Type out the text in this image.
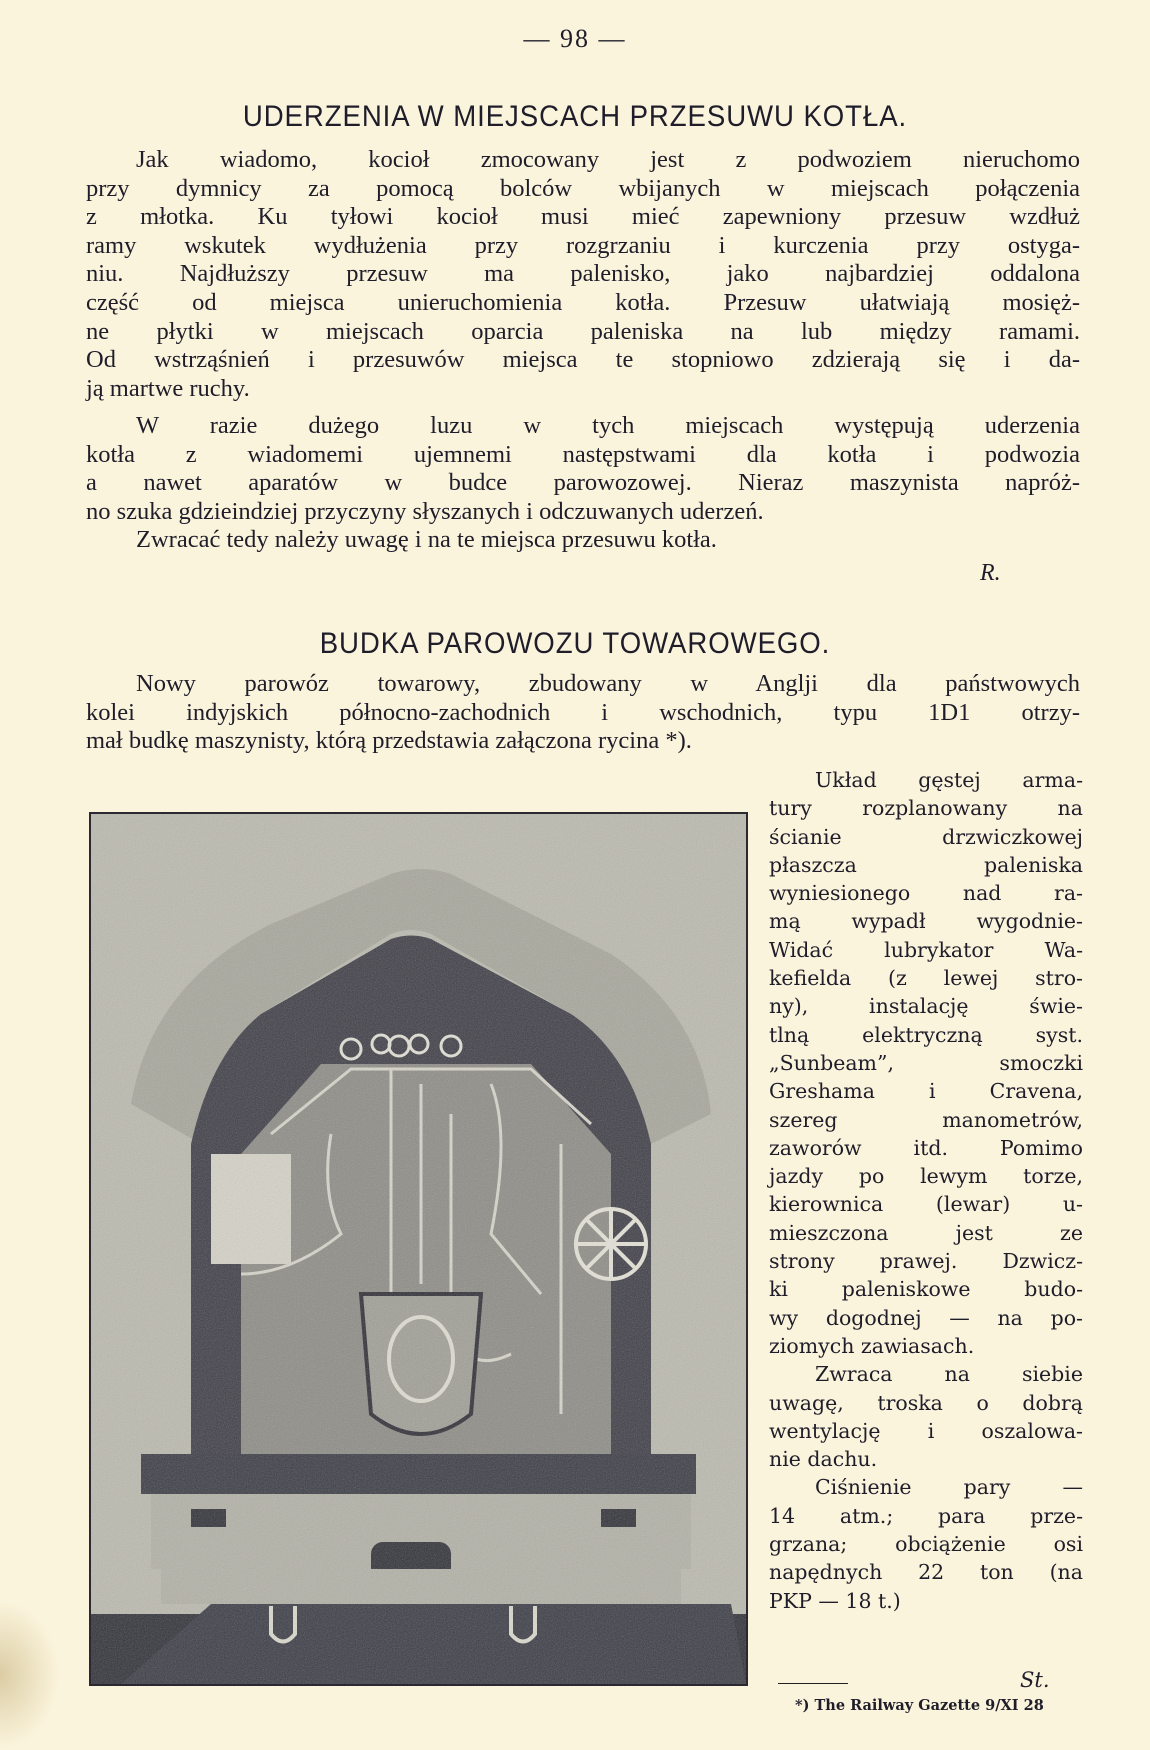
— 98 —
UDERZENIA W MIEJSCACH PRZESUWU KOTŁA.
Jak wiadomo, kocioł zmocowany jest z podwoziem nieruchomo
przy dymnicy za pomocą bolców wbijanych w miejscach połączenia
z młotka. Ku tyłowi kocioł musi mieć zapewniony przesuw wzdłuż
ramy wskutek wydłużenia przy rozgrzaniu i kurczenia przy ostyga-
niu. Najdłuższy przesuw ma palenisko, jako najbardziej oddalona
część od miejsca unieruchomienia kotła. Przesuw ułatwiają mosięż-
ne płytki w miejscach oparcia paleniska na lub między ramami.
Od wstrząśnień i przesuwów miejsca te stopniowo zdzierają się i da-
ją martwe ruchy.
W razie dużego luzu w tych miejscach występują uderzenia
kotła z wiadomemi ujemnemi następstwami dla kotła i podwozia
a nawet aparatów w budce parowozowej. Nieraz maszynista napróż-
no szuka gdzieindziej przyczyny słyszanych i odczuwanych uderzeń.
Zwracać tedy należy uwagę i na te miejsca przesuwu kotła.
R.
BUDKA PAROWOZU TOWAROWEGO.
Nowy parowóz towarowy, zbudowany w Anglji dla państwowych
kolei indyjskich północno-zachodnich i wschodnich, typu 1D1 otrzy-
mał budkę maszynisty, którą przedstawia załączona rycina *).
Układ gęstej arma-
tury rozplanowany na
ścianie drzwiczkowej
płaszcza paleniska
wyniesionego nad ra-
mą wypadł wygodnie-
Widać lubrykator Wa-
kefielda (z lewej stro-
ny), instalację świe-
tlną elektryczną syst.
„Sunbeam”, smoczki
Greshama i Cravena,
szereg manometrów,
zaworów itd. Pomimo
jazdy po lewym torze,
kierownica (lewar) u-
mieszczona jest ze
strony prawej. Dzwicz-
ki paleniskowe budo-
wy dogodnej — na po-
ziomych zawiasach.
Zwraca na siebie
uwagę, troska o dobrą
wentylację i oszalowa-
nie dachu.
Ciśnienie pary —
14 atm.; para prze-
grzana; obciążenie osi
napędnych 22 ton (na
PKP — 18 t.)
St.
*) The Railway Gazette 9/XI 28
